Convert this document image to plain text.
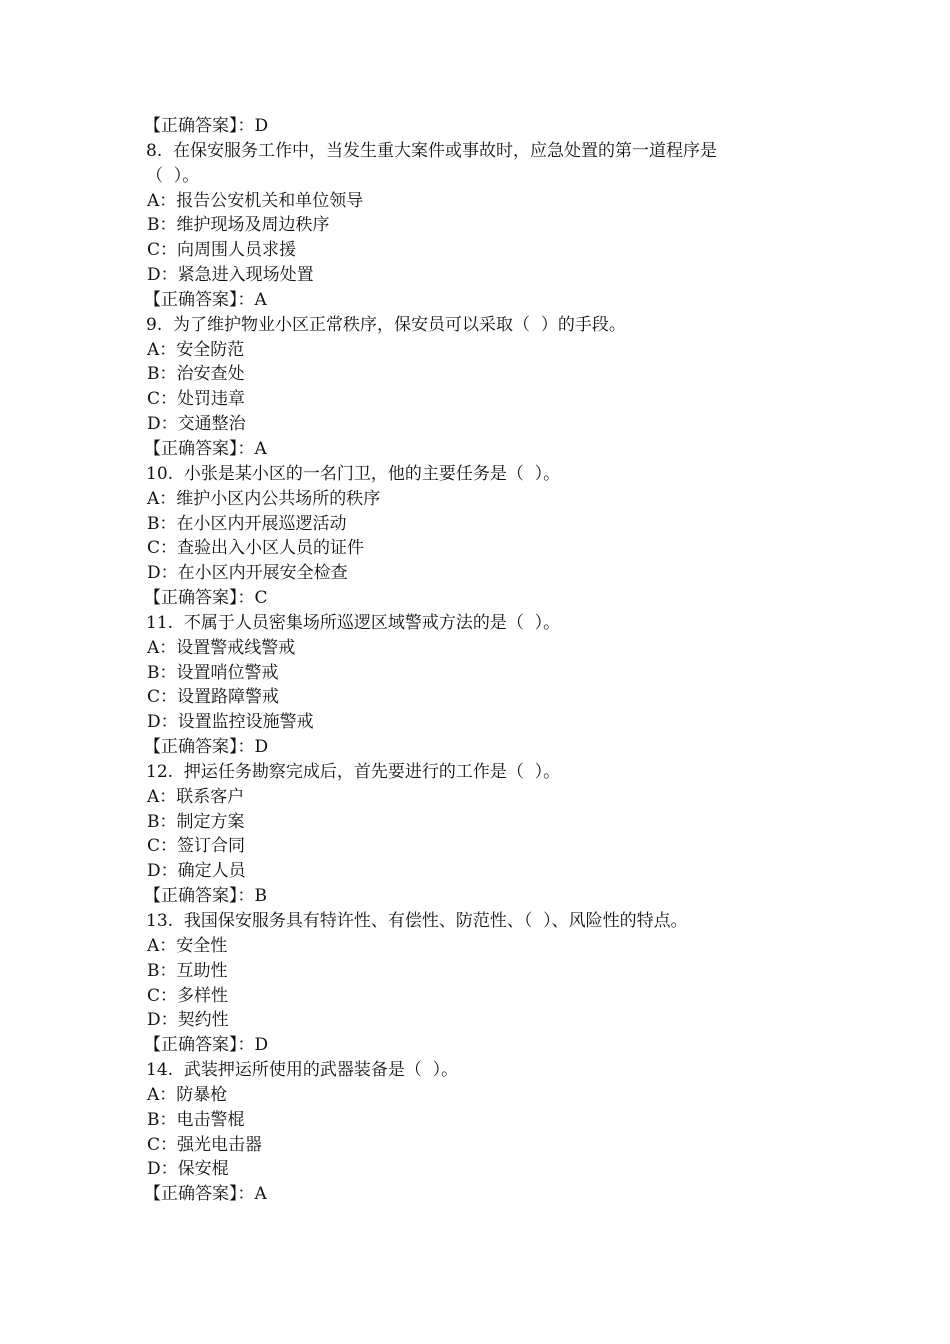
【正确答案】：D
8.  在保安服务工作中，当发生重大案件或事故时，应急处置的第一道程序是
（  ）。
A：报告公安机关和单位领导
B：维护现场及周边秩序
C：向周围人员求援
D：紧急进入现场处置
【正确答案】：A
9.  为了维护物业小区正常秩序，保安员可以采取（  ）的手段。
A：安全防范
B：治安查处
C：处罚违章
D：交通整治
【正确答案】：A
10.  小张是某小区的一名门卫，他的主要任务是（  ）。
A：维护小区内公共场所的秩序
B：在小区内开展巡逻活动
C：查验出入小区人员的证件
D：在小区内开展安全检查
【正确答案】：C
11.  不属于人员密集场所巡逻区域警戒方法的是（  ）。
A：设置警戒线警戒
B：设置哨位警戒
C：设置路障警戒
D：设置监控设施警戒
【正确答案】：D
12.  押运任务勘察完成后，首先要进行的工作是（  ）。
A：联系客户
B：制定方案
C：签订合同
D：确定人员
【正确答案】：B
13.  我国保安服务具有特许性、有偿性、防范性、（  ）、风险性的特点。
A：安全性
B：互助性
C：多样性
D：契约性
【正确答案】：D
14.  武装押运所使用的武器装备是（  ）。
A：防暴枪
B：电击警棍
C：强光电击器
D：保安棍
【正确答案】：A
